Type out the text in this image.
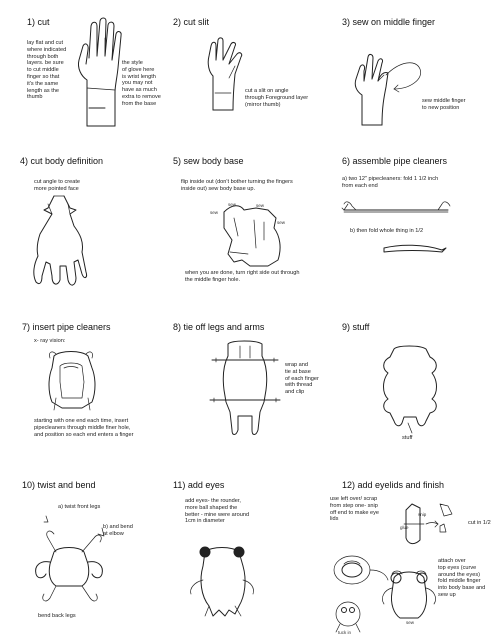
1) cut
lay flat and cut
where indicated
through both
layers. be sure
to cut middle
finger so that
it's the same
length as the
thumb
the style
of glove here
is wrist length
you may not
have as much
extra to remove
from the base
2) cut slit
cut a slit on angle
through Foreground layer
(mirror thumb)
3) sew on middle finger
sew middle finger
to new position
4) cut body definition
cut angle to create
more pointed face
5) sew body base
flip inside out (don't bother turning the fingers
inside out) sew body base up.
sew
sew	sew
sew
when you are done, turn right side out through
the middle finger hole.
6) assemble pipe cleaners
a) two 12" pipecleaners: fold 1 1/2 inch
from each end
b) then fold whole thing in 1/2
7) insert pipe cleaners
x- ray vision:
starting with one end each time, insert
pipecleaners through middle finer hole,
and position so each end enters a finger
8) tie off legs and arms
wrap and
tie at base
of each finger
with thread
and clip
9) stuff
stuff
10) twist and bend
a) twist front legs
b) and bend
at elbow
bend back legs
11) add eyes
add eyes- the rounder,
more ball shaped the
better - mine were around
1cm in diameter
12) add eyelids and finish
use left over/ scrap
from step one- snip
off end to make eye
lids
snip
glue
cut in 1/2
attach over
top eyes (curve
around the eyes)
fold middle finger
into body base and
sew up
sew
tuck in
